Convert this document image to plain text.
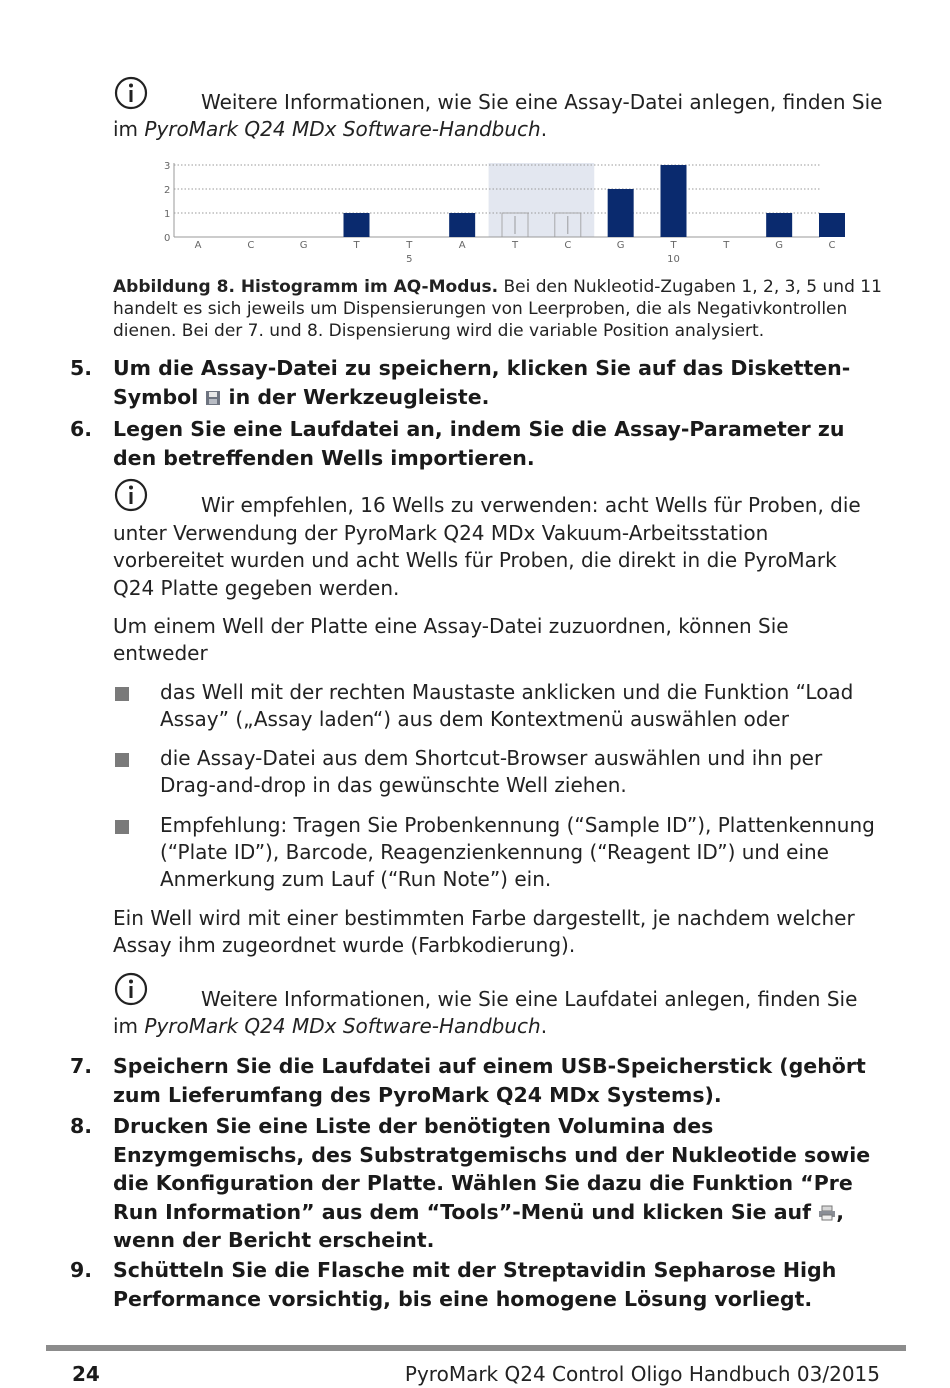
Weitere Informationen, wie Sie eine Assay-Datei anlegen, finden Sie im PyroMark Q24 MDx Software-Handbuch.
0
1
2
3
A	C	G	T	T
5
A	T	C	G	T
10
T	G	C
Abbildung 8. Histogramm im AQ-Modus. Bei den Nukleotid-Zugaben 1, 2, 3, 5 und 11 handelt es sich jeweils um Dispensierungen von Leerproben, die als Negativkontrollen dienen. Bei der 7. und 8. Dispensierung wird die variable Position analysiert.
5.	Um die Assay-Datei zu speichern, klicken Sie auf das Disketten-Symbol  in der Werkzeugleiste.
6.	Legen Sie eine Laufdatei an, indem Sie die Assay-Parameter zu den betreffenden Wells importieren.
Wir empfehlen, 16 Wells zu verwenden: acht Wells für Proben, die unter Verwendung der PyroMark Q24 MDx Vakuum-Arbeitsstation vorbereitet wurden und acht Wells für Proben, die direkt in die PyroMark Q24 Platte gegeben werden.
Um einem Well der Platte eine Assay-Datei zuzuordnen, können Sie entweder
das Well mit der rechten Maustaste anklicken und die Funktion “Load Assay” („Assay laden“) aus dem Kontextmenü auswählen oder
die Assay-Datei aus dem Shortcut-Browser auswählen und ihn per Drag-and-drop in das gewünschte Well ziehen.
Empfehlung: Tragen Sie Probenkennung (“Sample ID”), Plattenkennung (“Plate ID”), Barcode, Reagenzienkennung (“Reagent ID”) und eine Anmerkung zum Lauf (“Run Note”) ein.
Ein Well wird mit einer bestimmten Farbe dargestellt, je nachdem welcher Assay ihm zugeordnet wurde (Farbkodierung).
Weitere Informationen, wie Sie eine Laufdatei anlegen, finden Sie im PyroMark Q24 MDx Software-Handbuch.
7.	Speichern Sie die Laufdatei auf einem USB-Speicherstick (gehört zum Lieferumfang des PyroMark Q24 MDx Systems).
8.	Drucken Sie eine Liste der benötigten Volumina des Enzymgemischs, des Substratgemischs und der Nukleotide sowie die Konfiguration der Platte. Wählen Sie dazu die Funktion “Pre Run Information” aus dem “Tools”-Menü und klicken Sie auf , wenn der Bericht erscheint.
9.	Schütteln Sie die Flasche mit der Streptavidin Sepharose High Performance vorsichtig, bis eine homogene Lösung vorliegt.
24	PyroMark Q24 Control Oligo Handbuch 03/2015
